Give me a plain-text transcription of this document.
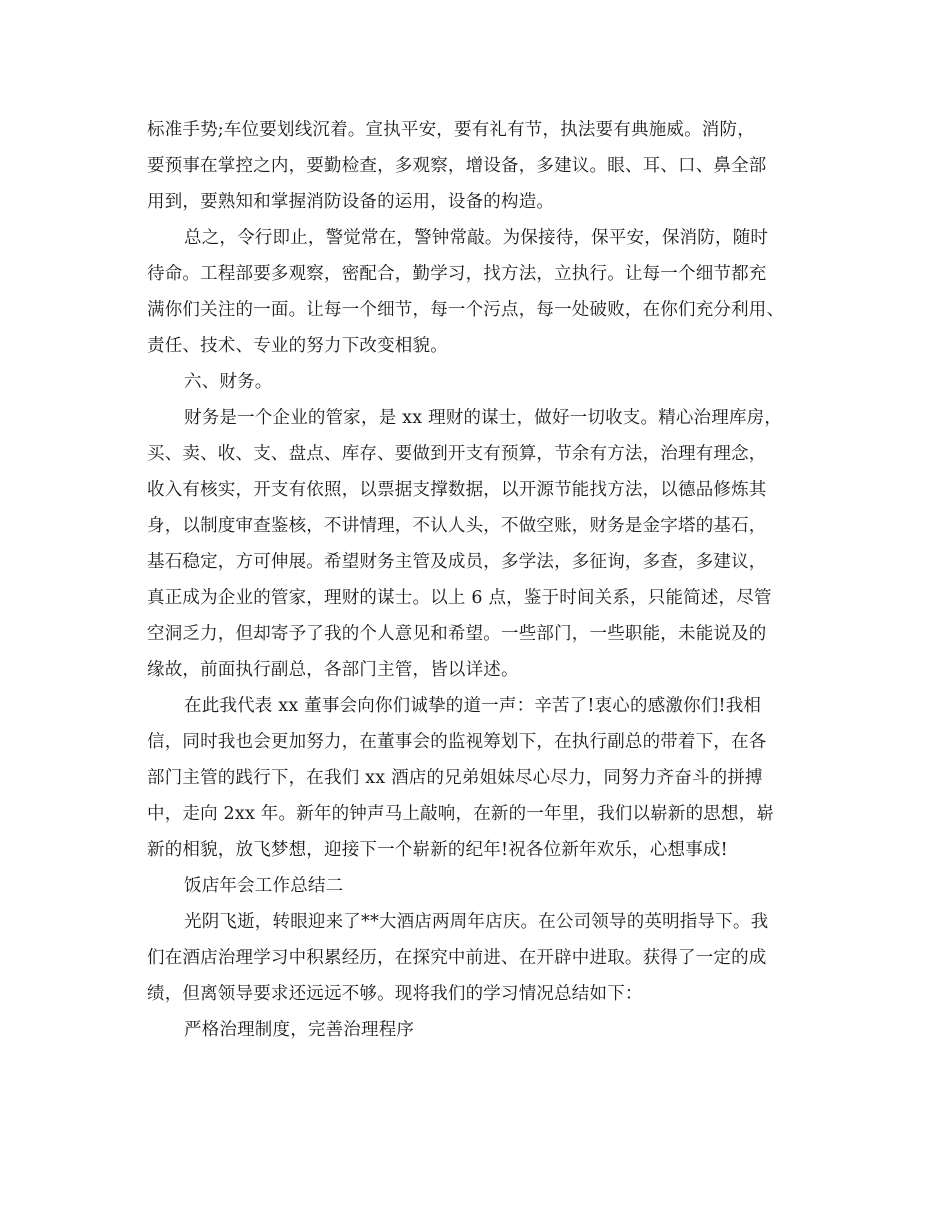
标准手势;车位要划线沉着。宣执平安，要有礼有节，执法要有典施威。消防，

要预事在掌控之内，要勤检查，多观察，增设备，多建议。眼、耳、口、鼻全部

用到，要熟知和掌握消防设备的运用，设备的构造。

总之，令行即止，警觉常在，警钟常敲。为保接待，保平安，保消防，随时

待命。工程部要多观察，密配合，勤学习，找方法，立执行。让每一个细节都充

满你们关注的一面。让每一个细节，每一个污点，每一处破败，在你们充分利用、

责任、技术、专业的努力下改变相貌。

六、财务。

财务是一个企业的管家，是 xx 理财的谋士，做好一切收支。精心治理库房，

买、卖、收、支、盘点、库存、要做到开支有预算，节余有方法，治理有理念，

收入有核实，开支有依照，以票据支撑数据，以开源节能找方法，以德品修炼其

身，以制度审查鉴核，不讲情理，不认人头，不做空账，财务是金字塔的基石，

基石稳定，方可伸展。希望财务主管及成员，多学法，多征询，多查，多建议，

真正成为企业的管家，理财的谋士。以上 6 点，鉴于时间关系，只能简述，尽管

空洞乏力，但却寄予了我的个人意见和希望。一些部门，一些职能，未能说及的

缘故，前面执行副总，各部门主管，皆以详述。

在此我代表 xx 董事会向你们诚挚的道一声：辛苦了!衷心的感激你们!我相

信，同时我也会更加努力，在董事会的监视筹划下，在执行副总的带着下，在各

部门主管的践行下，在我们 xx 酒店的兄弟姐妹尽心尽力，同努力齐奋斗的拼搏

中，走向 2xx 年。新年的钟声马上敲响，在新的一年里，我们以崭新的思想，崭

新的相貌，放飞梦想，迎接下一个崭新的纪年!祝各位新年欢乐，心想事成!

饭店年会工作总结二

光阴飞逝，转眼迎来了**大酒店两周年店庆。在公司领导的英明指导下。我

们在酒店治理学习中积累经历，在探究中前进、在开辟中进取。获得了一定的成

绩，但离领导要求还远远不够。现将我们的学习情况总结如下：

严格治理制度，完善治理程序
